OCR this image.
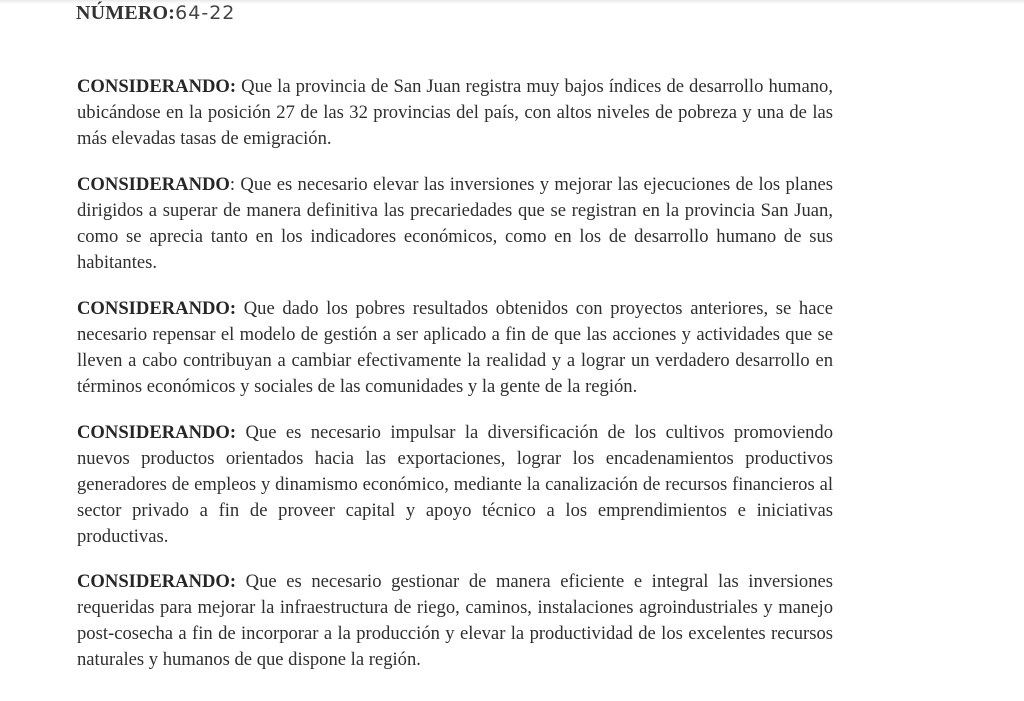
NÚMERO:64-22

CONSIDERANDO: Que la provincia de San Juan registra muy bajos índices de desarrollo humano, ubicándose en la posición 27 de las 32 provincias del país, con altos niveles de pobreza y una de las más elevadas tasas de emigración.

CONSIDERANDO: Que es necesario elevar las inversiones y mejorar las ejecuciones de los planes dirigidos a superar de manera definitiva las precariedades que se registran en la provincia San Juan, como se aprecia tanto en los indicadores económicos, como en los de desarrollo humano de sus habitantes.

CONSIDERANDO: Que dado los pobres resultados obtenidos con proyectos anteriores, se hace necesario repensar el modelo de gestión a ser aplicado a fin de que las acciones y actividades que se lleven a cabo contribuyan a cambiar efectivamente la realidad y a lograr un verdadero desarrollo en términos económicos y sociales de las comunidades y la gente de la región.

CONSIDERANDO: Que es necesario impulsar la diversificación de los cultivos promoviendo nuevos productos orientados hacia las exportaciones, lograr los encadenamientos productivos generadores de empleos y dinamismo económico, mediante la canalización de recursos financieros al sector privado a fin de proveer capital y apoyo técnico a los emprendimientos e iniciativas productivas.

CONSIDERANDO: Que es necesario gestionar de manera eficiente e integral las inversiones requeridas para mejorar la infraestructura de riego, caminos, instalaciones agroindustriales y manejo post-cosecha a fin de incorporar a la producción y elevar la productividad de los excelentes recursos naturales y humanos de que dispone la región.
